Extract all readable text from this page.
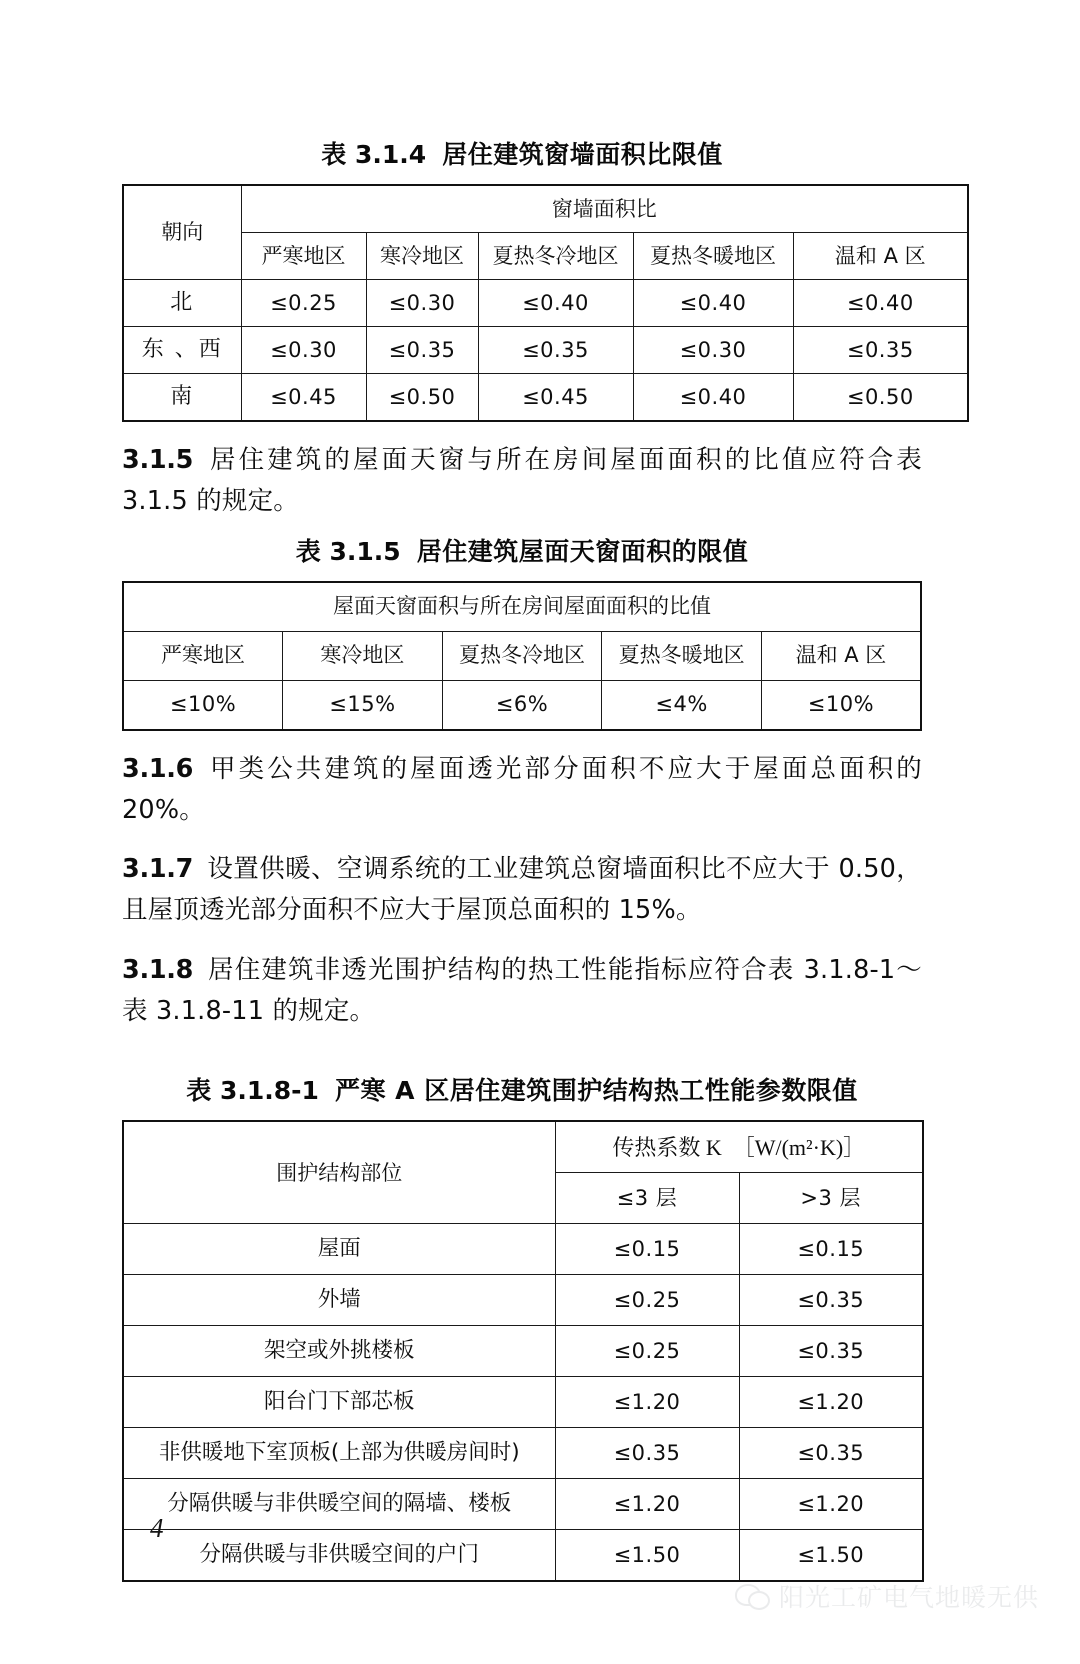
表 3.1.4 居住建筑窗墙面积比限值
朝向	窗墙面积比				
	严寒地区	寒冷地区	夏热冬冷地区	夏热冬暖地区	温和 A 区
北	≤0.25	≤0.30	≤0.40	≤0.40	≤0.40
东 、西	≤0.30	≤0.35	≤0.35	≤0.30	≤0.35
南	≤0.45	≤0.50	≤0.45	≤0.40	≤0.50

3.1.5 居住建筑的屋面天窗与所在房间屋面面积的比值应符合表 3.1.5 的规定。

表 3.1.5 居住建筑屋面天窗面积的限值
屋面天窗面积与所在房间屋面面积的比值				
严寒地区	寒冷地区	夏热冬冷地区	夏热冬暖地区	温和 A 区
≤10%	≤15%	≤6%	≤4%	≤10%

3.1.6 甲类公共建筑的屋面透光部分面积不应大于屋面总面积的 20%。

3.1.7 设置供暖、空调系统的工业建筑总窗墙面积比不应大于 0.50，且屋顶透光部分面积不应大于屋顶总面积的 15%。

3.1.8 居住建筑非透光围护结构的热工性能指标应符合表 3.1.8-1～表 3.1.8-11 的规定。

表 3.1.8-1 严寒 A 区居住建筑围护结构热工性能参数限值
围护结构部位	传热系数 K ［W/(m²·K)］	
	≤3 层	>3 层
屋面	≤0.15	≤0.15
外墙	≤0.25	≤0.35
架空或外挑楼板	≤0.25	≤0.35
阳台门下部芯板	≤1.20	≤1.20
非供暖地下室顶板(上部为供暖房间时)	≤0.35	≤0.35
分隔供暖与非供暖空间的隔墙、楼板	≤1.20	≤1.20
分隔供暖与非供暖空间的户门	≤1.50	≤1.50
4
阳光工矿电气地暖无供
